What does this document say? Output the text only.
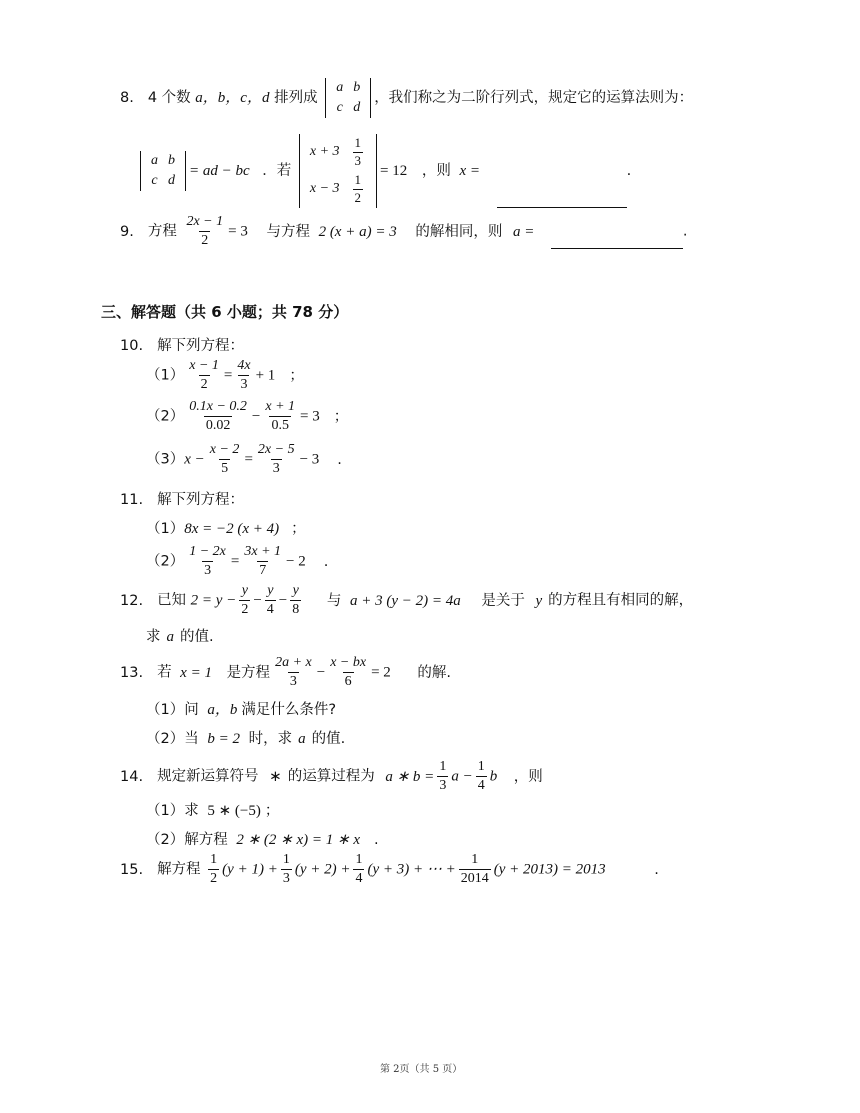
8. 4 个数 a，b，c，d 排列成
a	b
c	d
，我们称之为二阶行列式，规定它的运算法则为：
a	b
c	d
= ad − bc ．若
x + 3	$\frac{1}{3}$

x − 3	$\frac{1}{2}$
= 12 ，则 x =	.
9. 方程 $\frac{2x - 1}{2} = 3$ 与方程 2 (x + a) = 3 的解相同，则 a =	.
三、解答题（共 6 小题；共 78 分）
10. 解下列方程：
$(1) \frac{x - 1}{2} = \frac{4x}{3} + 1$ ；
$(2) \frac{0.1x - 0.2}{0.02} - \frac{x + 1}{0.5} = 3$ ；
$(3)x - \frac{x - 2}{5} = \frac{2x - 5}{3} - 3$ .
11. 解下列方程：
（1）8x = −2 (x + 4) ；
$(2) \frac{1 - 2x}{3} = \frac{3x + 1}{7} - 2$ .
12. 已知 $2 = y - \frac{y}{2} - \frac{y}{4} - \frac{y}{8}$ 与 a + 3 (y − 2) = 4a 是关于 y 的方程且有相同的解，
求 a 的值.
13. 若 x = 1 是方程 $\frac{2a + x}{3} - \frac{x - bx}{6} = 2$ 的解.
（1）问 a，b 满足什么条件?
（2）当 b = 2 时，求 a 的值.
14. 规定新运算符号 ∗ 的运算过程为 a ∗ $b = \frac{1}{3}$ $a - \frac{1}{4}$ b ，则
（1）求 5 ∗ (−5) ；
（2）解方程 2 ∗ (2 ∗ x) = 1 ∗ x .
15. 解方程 $\frac{1}{2} (y + 1) + \frac{1}{3} (y + 2) + \frac{1}{4} (y + 3)$ + ⋯ + $\frac{1}{2014} (y + 2013) = 2013$	.
第 2页（共 5 页）
